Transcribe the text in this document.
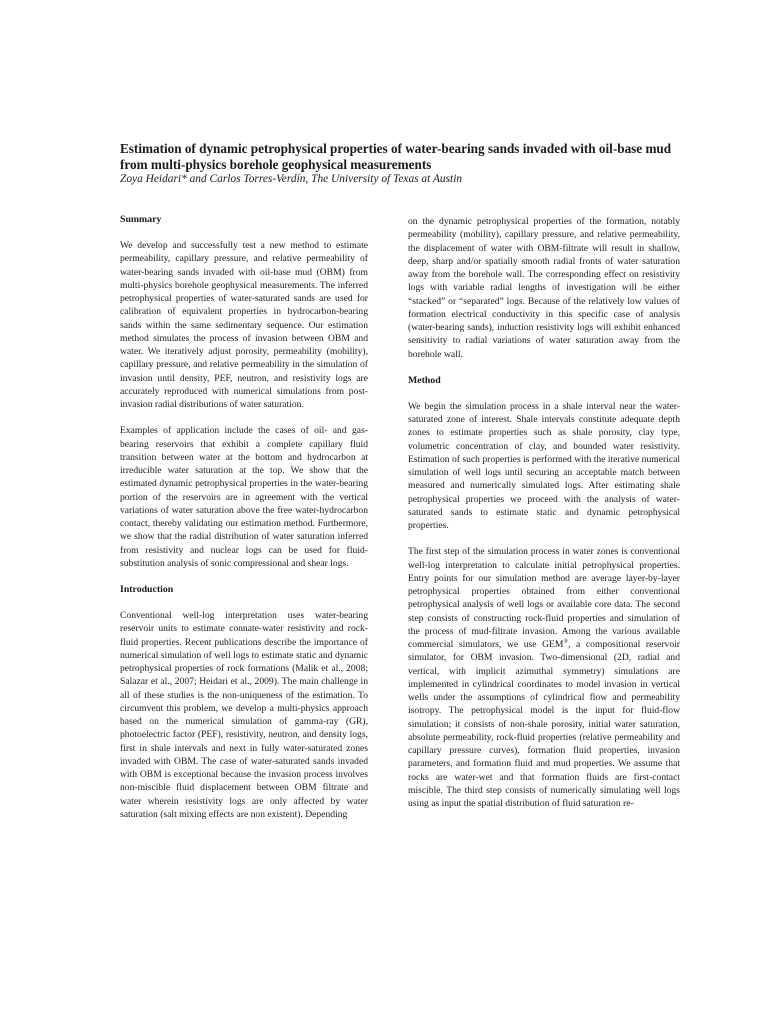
Estimation of dynamic petrophysical properties of water-bearing sands invaded with oil-base mud from multi-physics borehole geophysical measurements
Zoya Heidari* and Carlos Torres-Verdín, The University of Texas at Austin
Summary

We develop and successfully test a new method to estimate permeability, capillary pressure, and relative permeability of water-bearing sands invaded with oil-base mud (OBM) from multi-physics borehole geophysical measurements. The inferred petrophysical properties of water-saturated sands are used for calibration of equivalent properties in hydrocarbon-bearing sands within the same sedimentary sequence. Our estimation method simulates the process of invasion between OBM and water. We iteratively adjust porosity, permeability (mobility), capillary pressure, and relative permeability in the simulation of invasion until density, PEF, neutron, and resistivity logs are accurately reproduced with numerical simulations from post-invasion radial distributions of water saturation.

Examples of application include the cases of oil- and gas-bearing reservoirs that exhibit a complete capillary fluid transition between water at the bottom and hydrocarbon at irreducible water saturation at the top. We show that the estimated dynamic petrophysical properties in the water-bearing portion of the reservoirs are in agreement with the vertical variations of water saturation above the free water-hydrocarbon contact, thereby validating our estimation method. Furthermore, we show that the radial distribution of water saturation inferred from resistivity and nuclear logs can be used for fluid-substitution analysis of sonic compressional and shear logs.

Introduction

Conventional well-log interpretation uses water-bearing reservoir units to estimate connate-water resistivity and rock-fluid properties. Recent publications describe the importance of numerical simulation of well logs to estimate static and dynamic petrophysical properties of rock formations (Malik et al., 2008; Salazar et al., 2007; Heidari et al., 2009). The main challenge in all of these studies is the non-uniqueness of the estimation. To circumvent this problem, we develop a multi-physics approach based on the numerical simulation of gamma-ray (GR), photoelectric factor (PEF), resistivity, neutron, and density logs, first in shale intervals and next in fully water-saturated zones invaded with OBM. The case of water-saturated sands invaded with OBM is exceptional because the invasion process involves non-miscible fluid displacement between OBM filtrate and water wherein resistivity logs are only affected by water saturation (salt mixing effects are non existent). Depending

on the dynamic petrophysical properties of the formation, notably permeability (mobility), capillary pressure, and relative permeability, the displacement of water with OBM-filtrate will result in shallow, deep, sharp and/or spatially smooth radial fronts of water saturation away from the borehole wall. The corresponding effect on resistivity logs with variable radial lengths of investigation will be either “stacked” or “separated” logs. Because of the relatively low values of formation electrical conductivity in this specific case of analysis (water-bearing sands), induction resistivity logs will exhibit enhanced sensitivity to radial variations of water saturation away from the borehole wall.

Method

We begin the simulation process in a shale interval near the water-saturated zone of interest. Shale intervals constitute adequate depth zones to estimate properties such as shale porosity, clay type, volumetric concentration of clay, and bounded water resistivity. Estimation of such properties is performed with the iterative numerical simulation of well logs until securing an acceptable match between measured and numerically simulated logs. After estimating shale petrophysical properties we proceed with the analysis of water-saturated sands to estimate static and dynamic petrophysical properties.

The first step of the simulation process in water zones is conventional well-log interpretation to calculate initial petrophysical properties. Entry points for our simulation method are average layer-by-layer petrophysical properties obtained from either conventional petrophysical analysis of well logs or available core data. The second step consists of constructing rock-fluid properties and simulation of the process of mud-filtrate invasion. Among the various available commercial simulators, we use GEM®, a compositional reservoir simulator, for OBM invasion. Two-dimensional (2D, radial and vertical, with implicit azimuthal symmetry) simulations are implemented in cylindrical coordinates to model invasion in vertical wells under the assumptions of cylindrical flow and permeability isotropy. The petrophysical model is the input for fluid-flow simulation; it consists of non-shale porosity, initial water saturation, absolute permeability, rock-fluid properties (relative permeability and capillary pressure curves), formation fluid properties, invasion parameters, and formation fluid and mud properties. We assume that rocks are water-wet and that formation fluids are first-contact miscible. The third step consists of numerically simulating well logs using as input the spatial distribution of fluid saturation re-
